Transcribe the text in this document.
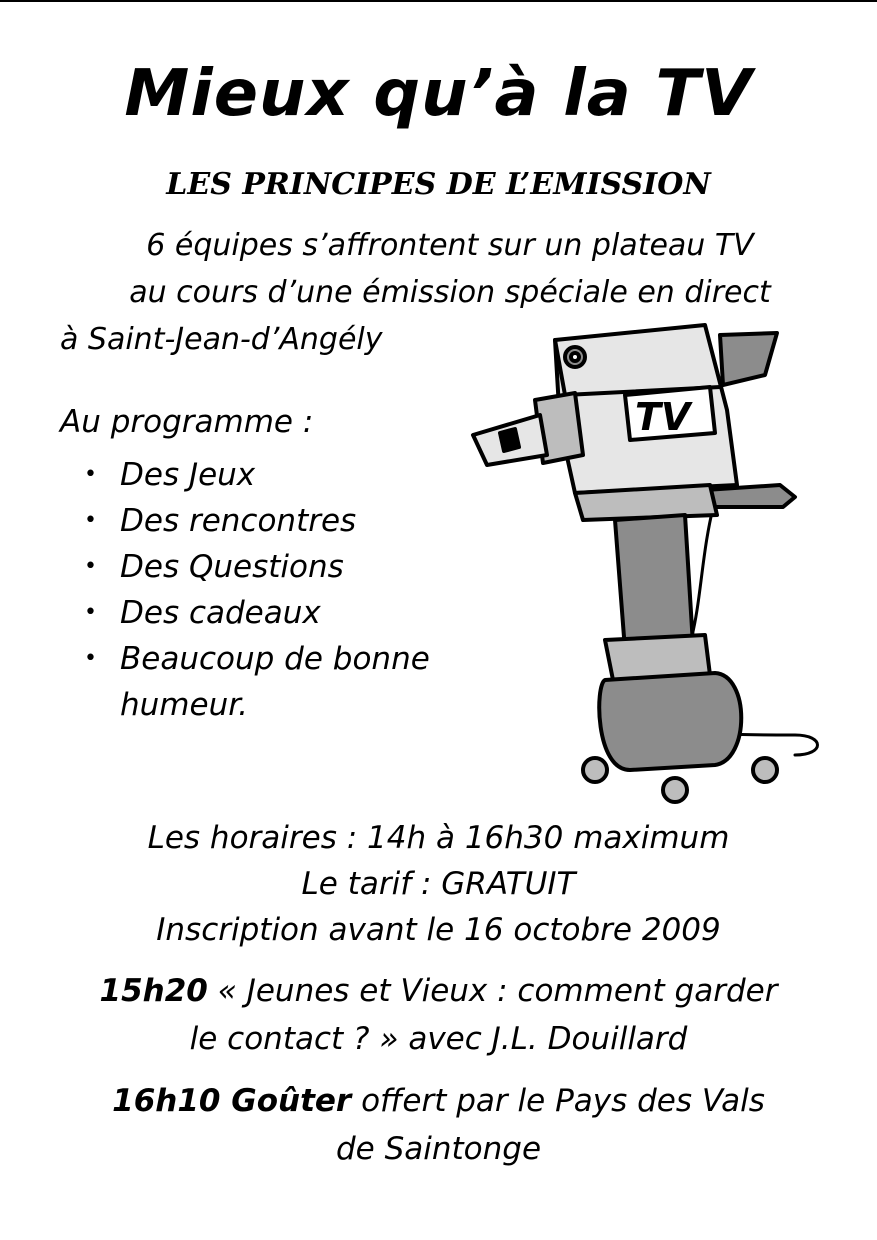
Mieux qu’à la TV
LES PRINCIPES DE L’EMISSION
6 équipes s’affrontent sur un plateau TV
au cours d’une émission spéciale en direct
à Saint-Jean-d’Angély
Au programme :
• Des Jeux
• Des rencontres
• Des Questions
• Des cadeaux
• Beaucoup de bonne humeur.
TV
Les horaires : 14h à 16h30 maximum
Le tarif : GRATUIT
Inscription avant le 16 octobre 2009
15h20 « Jeunes et Vieux : comment garder
le contact ? » avec J.L. Douillard
16h10 Goûter offert par le Pays des Vals
de Saintonge
